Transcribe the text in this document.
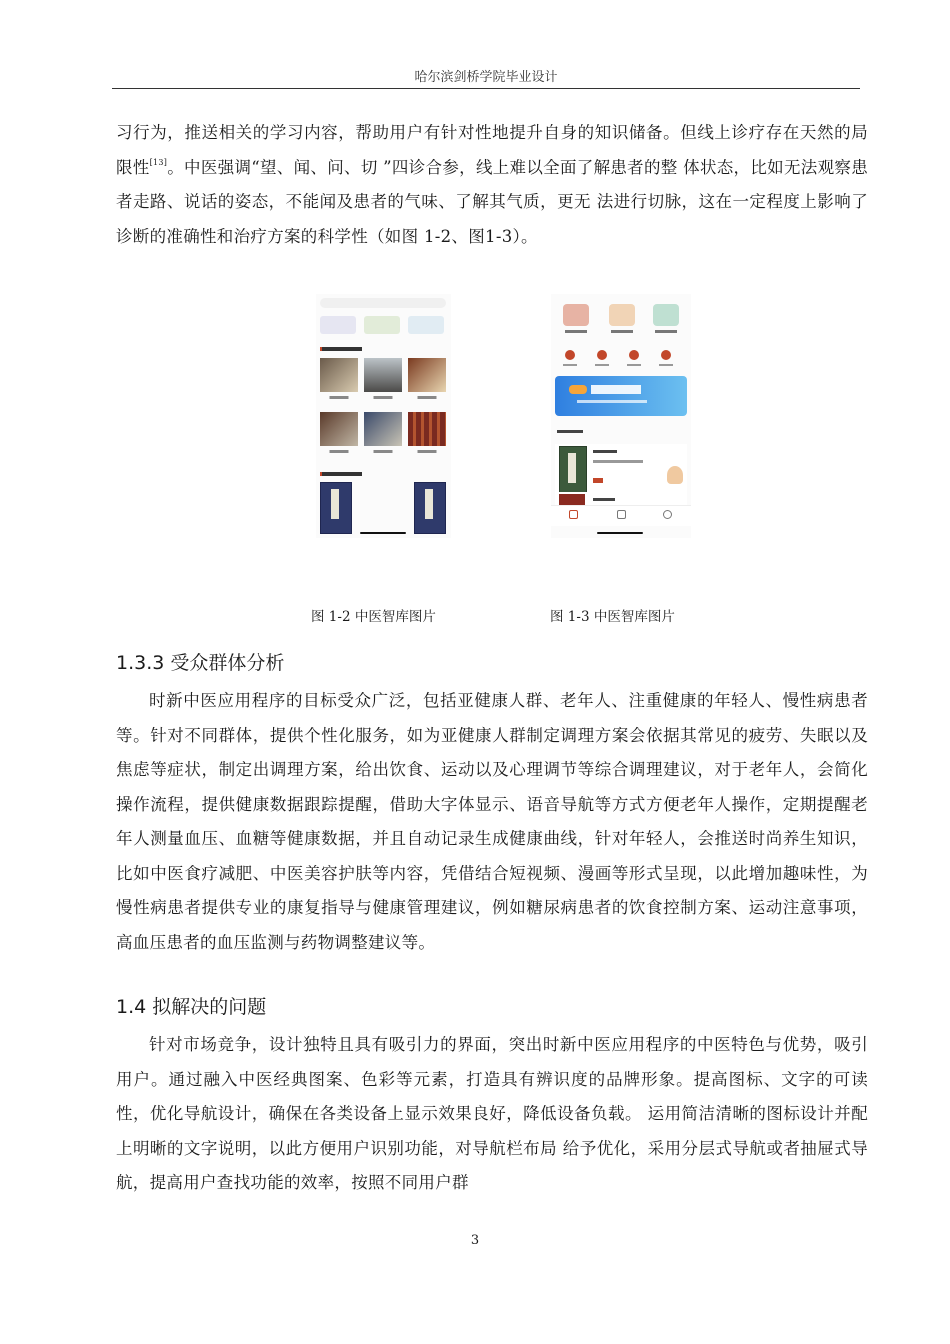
哈尔滨剑桥学院毕业设计

习行为，推送相关的学习内容，帮助用户有针对性地提升自身的知识储备。但线上诊疗存在天然的局限性[13]。中医强调“望、闻、问、切 ”四诊合参，线上难以全面了解患者的整 体状态，比如无法观察患者走路、说话的姿态，不能闻及患者的气味、了解其气质，更无 法进行切脉，这在一定程度上影响了诊断的准确性和治疗方案的科学性（如图 1-2、图1-3）。

图 1-2 中医智库图片	图 1-3 中医智库图片
1.3.3 受众群体分析

时新中医应用程序的目标受众广泛，包括亚健康人群、老年人、注重健康的年轻人、慢性病患者等。针对不同群体，提供个性化服务，如为亚健康人群制定调理方案会依据其常见的疲劳、失眠以及焦虑等症状，制定出调理方案，给出饮食、运动以及心理调节等综合调理建议，对于老年人，会简化操作流程，提供健康数据跟踪提醒，借助大字体显示、语音导航等方式方便老年人操作，定期提醒老年人测量血压、血糖等健康数据，并且自动记录生成健康曲线，针对年轻人，会推送时尚养生知识，比如中医食疗减肥、中医美容护肤等内容，凭借结合短视频、漫画等形式呈现，以此增加趣味性，为慢性病患者提供专业的康复指导与健康管理建议，例如糖尿病患者的饮食控制方案、运动注意事项，高血压患者的血压监测与药物调整建议等。

1.4 拟解决的问题

针对市场竞争，设计独特且具有吸引力的界面，突出时新中医应用程序的中医特色与优势，吸引用户。通过融入中医经典图案、色彩等元素，打造具有辨识度的品牌形象。提高图标、文字的可读性，优化导航设计，确保在各类设备上显示效果良好，降低设备负载。 运用简洁清晰的图标设计并配上明晰的文字说明，以此方便用户识别功能，对导航栏布局 给予优化，采用分层式导航或者抽屉式导航，提高用户查找功能的效率，按照不同用户群

3
